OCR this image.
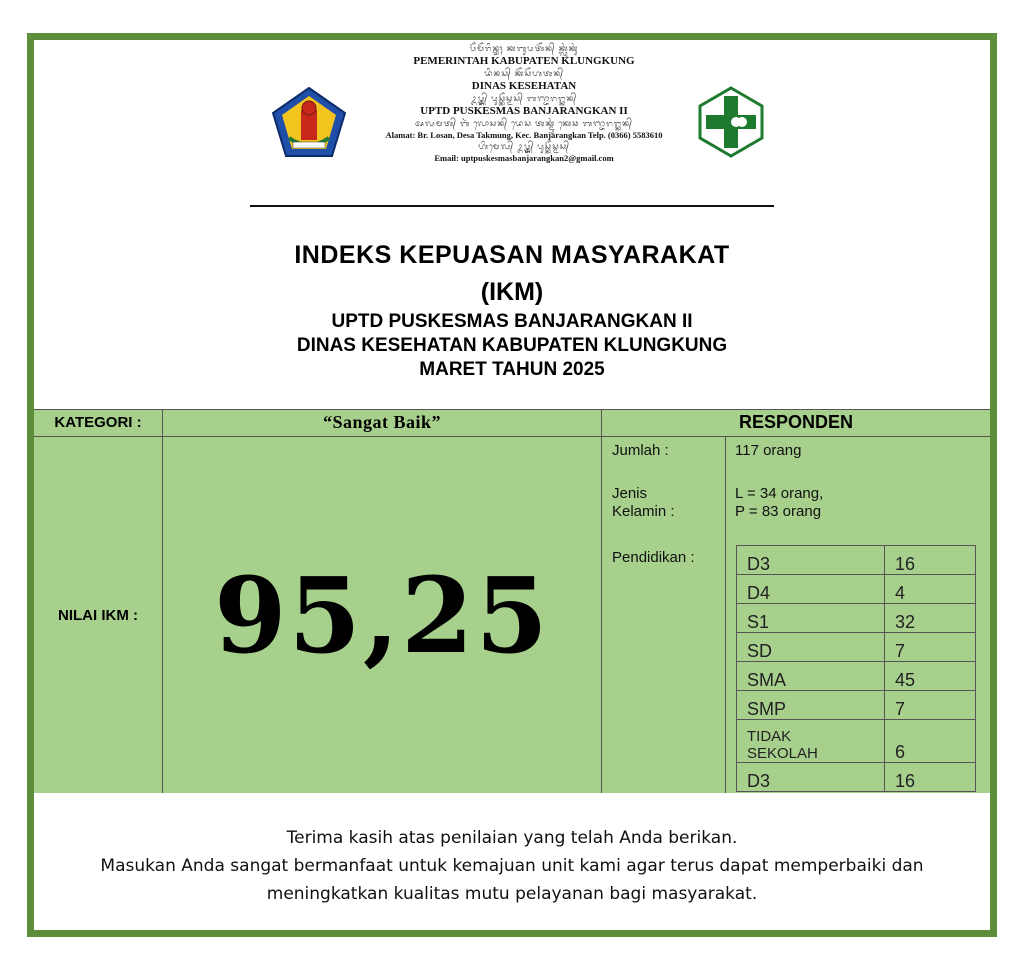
ᬧᭂᬫᭂᬭᬶᬦ᭄ᬢᬄ ᬓᬩᬸᬧᬢᭂᬦ᭄ ᬓ᭄ᬮᬸᬂᬓᬸᬂ
PEMERINTAH KABUPATEN KLUNGKUNG
ᬤᬶᬦᬲ᭄ ᬓᭂᬲᭂᬳᬢᬦ᭄
DINAS KESEHATAN
ᬉᬧ᭄ᬢ᭄ᬤ᭄ ᬧᬸᬲ᭄ᬓᭂᬲ᭄ᬫᬲ᭄ ᬩᬜ᭄ᬚᬭᬗ᭄ᬓᬦ᭄
UPTD PUSKESMAS BANJARANGKAN II
ᬅᬮᬫᬢ᭄ ᬩᬃ ᬮᭀᬲᬦ᭄ ᬤᬾᬲ ᬢᬓ᭄ᬫᬸᬂ ᬓᬾᬘ ᬩᬜ᭄ᬚᬭᬗ᭄ᬓᬦ᭄
Alamat: Br. Losan, Desa Takmung, Kec. Banjarangkan Telp. (0366) 5583610
ᬳᬶᬫᬾᬮ᭄ ᬉᬧ᭄ᬢ᭄ᬤ᭄ ᬧᬸᬲ᭄ᬓᭂᬲ᭄ᬫᬲ᭄
Email: uptpuskesmasbanjarangkan2@gmail.com
INDEKS KEPUASAN MASYARAKAT
(IKM)
UPTD PUSKESMAS BANJARANGKAN II
DINAS KESEHATAN KABUPATEN KLUNGKUNG
MARET TAHUN 2025
KATEGORI :	“Sangat Baik”	RESPONDEN
NILAI IKM : 95,25
Jumlah :	117 orang
Jenis
Kelamin :
L = 34 orang,
P = 83 orang
Pendidikan :	D3	16
D4	4
S1	32
SD	7
SMA	45
SMP	7

TIDAK
SEKOLAH	6
D3	16
Terima kasih atas penilaian yang telah Anda berikan.
Masukan Anda sangat bermanfaat untuk kemajuan unit kami agar terus dapat memperbaiki dan
meningkatkan kualitas mutu pelayanan bagi masyarakat.
